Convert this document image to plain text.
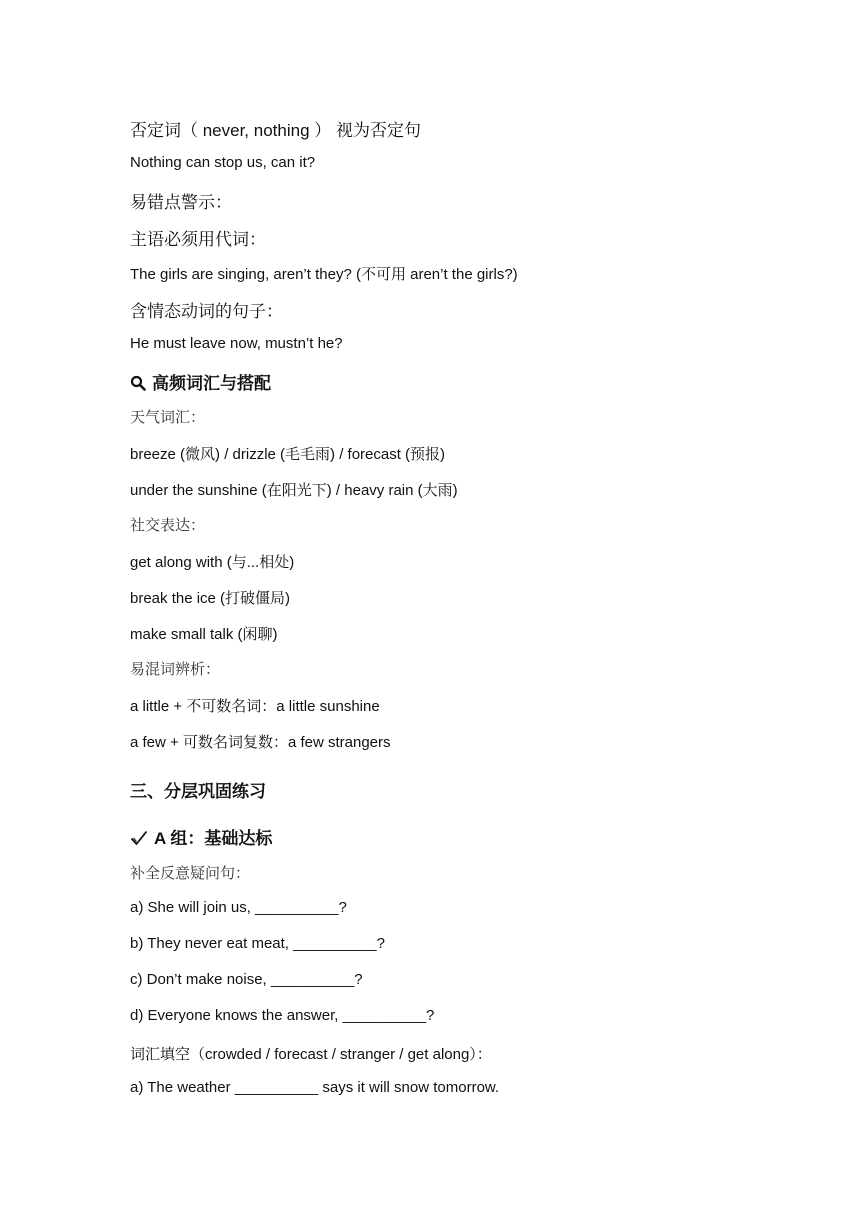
否定词（ never, nothing ） 视为否定句
Nothing can stop us, can it?
易错点警示：
主语必须用代词：
The girls are singing, aren’t they? (不可用 aren’t the girls?)
含情态动词的句子：
He must leave now, mustn’t he?
高频词汇与搭配
天气词汇：
breeze (微风) / drizzle (毛毛雨) / forecast (预报)
under the sunshine (在阳光下) / heavy rain (大雨)
社交表达：
get along with (与...相处)
break the ice (打破僵局)
make small talk (闲聊)
易混词辨析：
a little + 不可数名词：a little sunshine
a few + 可数名词复数：a few strangers
三、分层巩固练习
A 组：基础达标
补全反意疑问句：
a) She will join us, __________?
b) They never eat meat, __________?
c) Don’t make noise, __________?
d) Everyone knows the answer, __________?
词汇填空（crowded / forecast / stranger / get along）：
a) The weather __________ says it will snow tomorrow.
